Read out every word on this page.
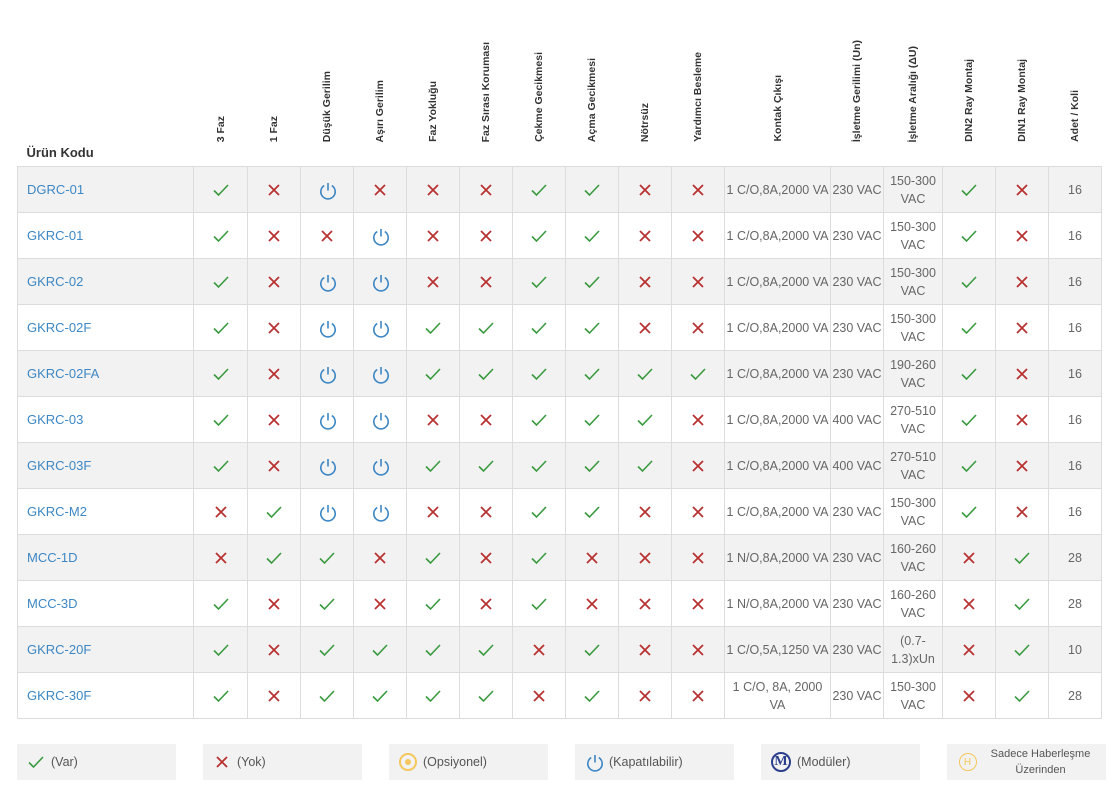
Ürün Kodu	3 Faz	1 Faz	Düşük Gerilim	Aşırı Gerilim	Faz Yokluğu	Faz Sırası Koruması	Çekme Gecikmesi	Açma Gecikmesi	Nötrsüz	Yardımcı Besleme	Kontak Çıkışı	İşletme Gerilimi (Un)	İşletme Aralığı (ΔU)	DIN2 Ray Montaj	DIN1 Ray Montaj	Adet / Koli

DGRC-01											1 C/O,8A,2000 VA	230 VAC	150-300 VAC			16
GKRC-01											1 C/O,8A,2000 VA	230 VAC	150-300 VAC			16
GKRC-02											1 C/O,8A,2000 VA	230 VAC	150-300 VAC			16
GKRC-02F											1 C/O,8A,2000 VA	230 VAC	150-300 VAC			16
GKRC-02FA											1 C/O,8A,2000 VA	230 VAC	190-260 VAC			16
GKRC-03											1 C/O,8A,2000 VA	400 VAC	270-510 VAC			16
GKRC-03F											1 C/O,8A,2000 VA	400 VAC	270-510 VAC			16
GKRC-M2											1 C/O,8A,2000 VA	230 VAC	150-300 VAC			16
MCC-1D											1 N/O,8A,2000 VA	230 VAC	160-260 VAC			28
MCC-3D											1 N/O,8A,2000 VA	230 VAC	160-260 VAC			28
GKRC-20F											1 C/O,5A,1250 VA	230 VAC	(0.7-1.3)xUn			10
GKRC-30F											1 C/O, 8A, 2000 VA	230 VAC	150-300 VAC			28
(Var)	(Yok)	(Opsiyonel)	(Kapatılabilir)	M (Modüler)	H
Sadece Haberleşme Üzerinden
